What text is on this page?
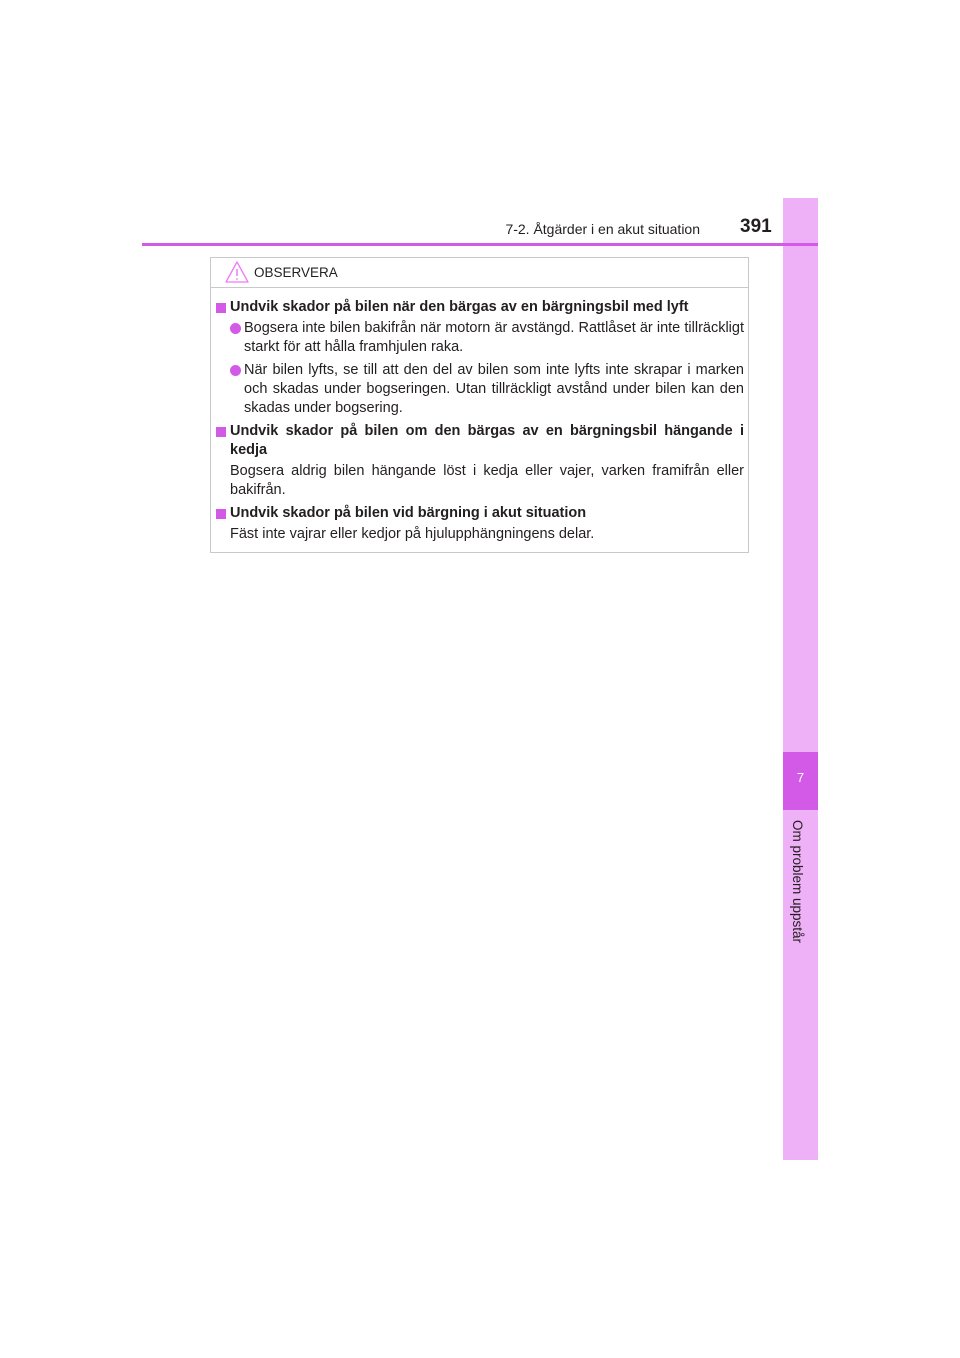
7
Om problem uppstår
7-2. Åtgärder i en akut situation 391
OBSERVERA
Undvik skador på bilen när den bärgas av en bärgningsbil med lyft
Bogsera inte bilen bakifrån när motorn är avstängd. Rattlåset är inte tillräckligt starkt för att hålla framhjulen raka.
När bilen lyfts, se till att den del av bilen som inte lyfts inte skrapar i marken och skadas under bogseringen. Utan tillräckligt avstånd under bilen kan den skadas under bogsering.
Undvik skador på bilen om den bärgas av en bärgningsbil hängande i kedja
Bogsera aldrig bilen hängande löst i kedja eller vajer, varken framifrån eller bakifrån.
Undvik skador på bilen vid bärgning i akut situation
Fäst inte vajrar eller kedjor på hjulupphängningens delar.
